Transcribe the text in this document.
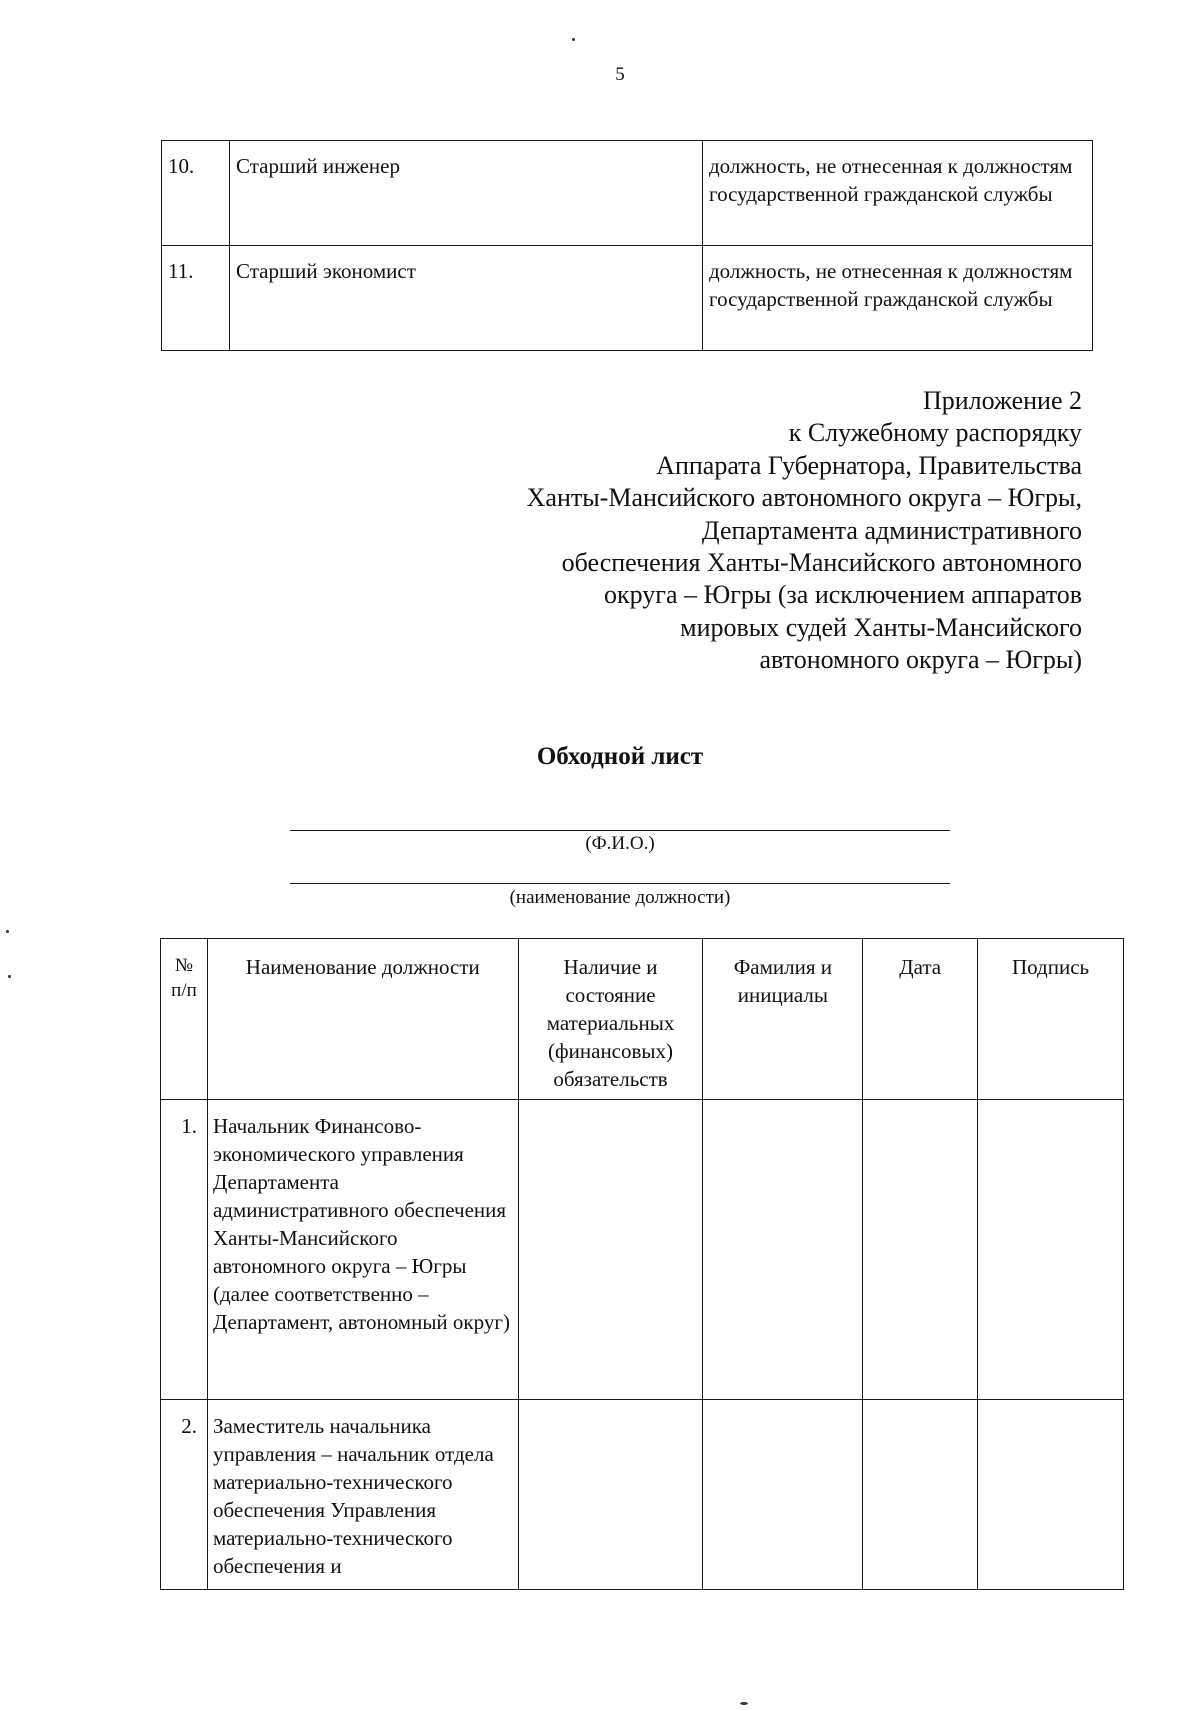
5
10.	Старший инженер	должность, не отнесенная к должностям государственной гражданской службы
11.	Старший экономист	должность, не отнесенная к должностям государственной гражданской службы
Приложение 2
к Служебному распорядку
Аппарата Губернатора, Правительства
Ханты-Мансийского автономного округа – Югры,
Департамента административного
обеспечения Ханты-Мансийского автономного
округа – Югры (за исключением аппаратов
мировых судей Ханты-Мансийского
автономного округа – Югры)
Обходной лист
(Ф.И.О.)
(наименование должности)
№ п/п	Наименование должности	Наличие и состояние материальных (финансовых) обязательств	Фамилия и инициалы	Дата	Подпись
1.	Начальник Финансово-экономического управления Департамента административного обеспечения Ханты-Мансийского автономного округа – Югры (далее соответственно – Департамент, автономный округ)				
2.	Заместитель начальника управления – начальник отдела материально-технического обеспечения Управления материально-технического обеспечения и				
